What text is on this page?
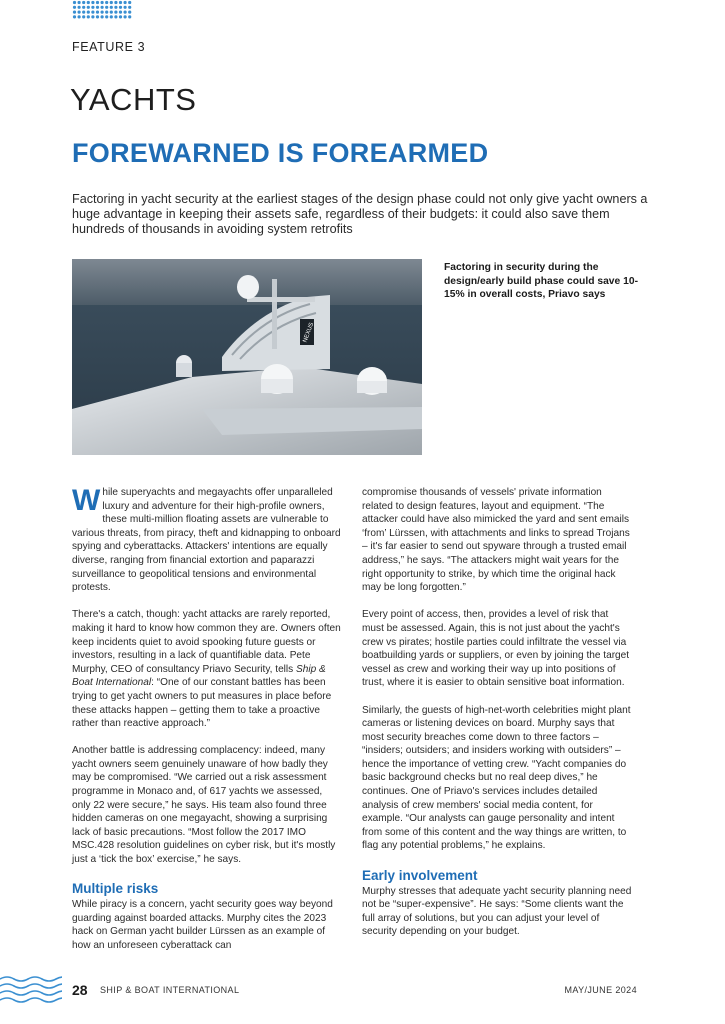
FEATURE 3
YACHTS
FOREWARNED IS FOREARMED

Factoring in yacht security at the earliest stages of the design phase could not only give yacht owners a huge advantage in keeping their assets safe, regardless of their budgets: it could also save them hundreds of thousands in avoiding system retrofits

NEXUS

Factoring in security during the design/early build phase could save 10-15% in overall costs, Priavo says

While superyachts and megayachts offer unparalleled luxury and adventure for their high-profile owners, these multi-million floating assets are vulnerable to various threats, from piracy, theft and kidnapping to onboard spying and cyberattacks. Attackers' intentions are equally diverse, ranging from financial extortion and paparazzi surveillance to geopolitical tensions and environmental protests.

There's a catch, though: yacht attacks are rarely reported, making it hard to know how common they are. Owners often keep incidents quiet to avoid spooking future guests or investors, resulting in a lack of quantifiable data. Pete Murphy, CEO of consultancy Priavo Security, tells Ship & Boat International: “One of our constant battles has been trying to get yacht owners to put measures in place before these attacks happen – getting them to take a proactive rather than reactive approach.”

Another battle is addressing complacency: indeed, many yacht owners seem genuinely unaware of how badly they may be compromised. “We carried out a risk assessment programme in Monaco and, of 617 yachts we assessed, only 22 were secure,” he says. His team also found three hidden cameras on one megayacht, showing a surprising lack of basic precautions. “Most follow the 2017 IMO MSC.428 resolution guidelines on cyber risk, but it's mostly just a ‘tick the box’ exercise,” he says.

Multiple risks

While piracy is a concern, yacht security goes way beyond guarding against boarded attacks. Murphy cites the 2023 hack on German yacht builder Lürssen as an example of how an unforeseen cyberattack can

compromise thousands of vessels' private information related to design features, layout and equipment. “The attacker could have also mimicked the yard and sent emails ‘from’ Lürssen, with attachments and links to spread Trojans – it's far easier to send out spyware through a trusted email address,” he says. “The attackers might wait years for the right opportunity to strike, by which time the original hack may be long forgotten.”

Every point of access, then, provides a level of risk that must be assessed. Again, this is not just about the yacht's crew vs pirates; hostile parties could infiltrate the vessel via boatbuilding yards or suppliers, or even by joining the target vessel as crew and working their way up into positions of trust, where it is easier to obtain sensitive boat information.

Similarly, the guests of high-net-worth celebrities might plant cameras or listening devices on board. Murphy says that most security breaches come down to three factors – “insiders; outsiders; and insiders working with outsiders” – hence the importance of vetting crew. “Yacht companies do basic background checks but no real deep dives,” he continues. One of Priavo's services includes detailed analysis of crew members' social media content, for example. “Our analysts can gauge personality and intent from some of this content and the way things are written, to flag any potential problems,” he explains.

Early involvement

Murphy stresses that adequate yacht security planning need not be “super-expensive”. He says: “Some clients want the full array of solutions, but you can adjust your level of security depending on your budget.

28 SHIP & BOAT INTERNATIONAL	MAY/JUNE 2024
